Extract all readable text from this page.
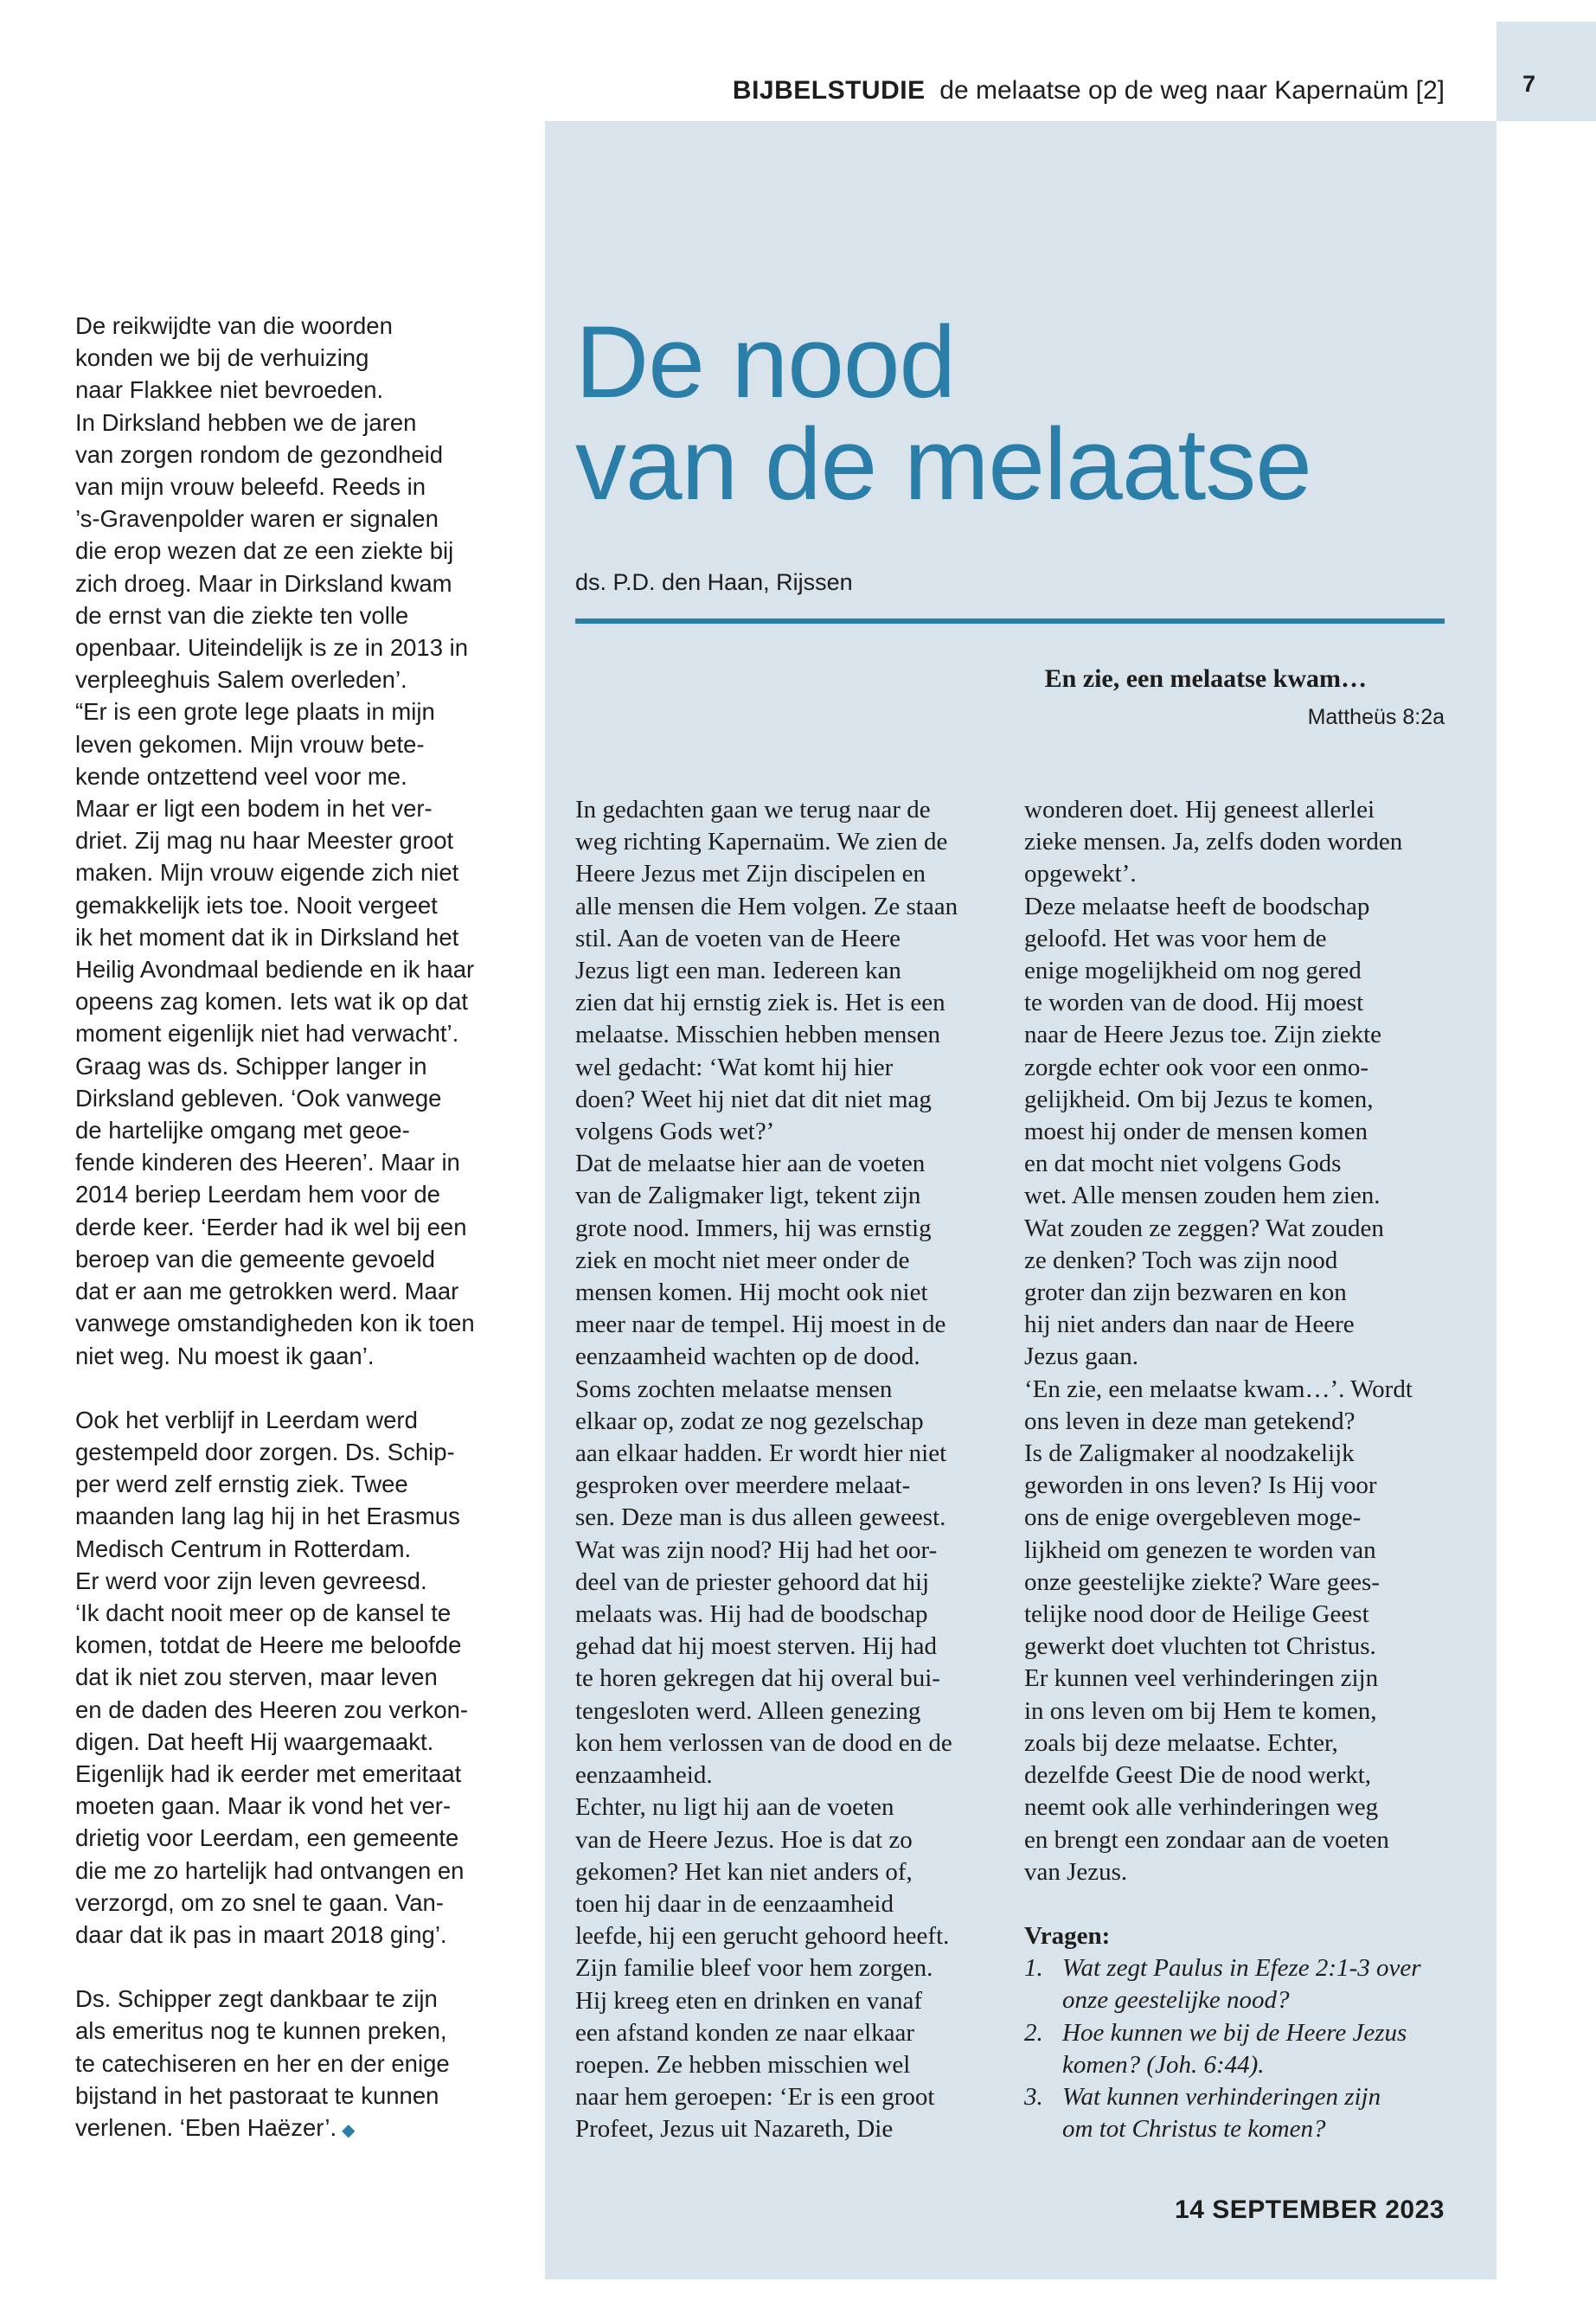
7
BIJBELSTUDIE de melaatse op de weg naar Kapernaüm [2]

De reikwijdte van die woorden
konden we bij de verhuizing
naar Flakkee niet bevroeden.
In Dirksland hebben we de jaren
van zorgen rondom de gezondheid
van mijn vrouw beleefd. Reeds in
’s-Gravenpolder waren er signalen
die erop wezen dat ze een ziekte bij
zich droeg. Maar in Dirksland kwam
de ernst van die ziekte ten volle
openbaar. Uiteindelijk is ze in 2013 in
verpleeghuis Salem overleden’.
“Er is een grote lege plaats in mijn
leven gekomen. Mijn vrouw bete-
kende ontzettend veel voor me.
Maar er ligt een bodem in het ver-
driet. Zij mag nu haar Meester groot
maken. Mijn vrouw eigende zich niet
gemakkelijk iets toe. Nooit vergeet
ik het moment dat ik in Dirksland het
Heilig Avondmaal bediende en ik haar
opeens zag komen. Iets wat ik op dat
moment eigenlijk niet had verwacht’.
Graag was ds. Schipper langer in
Dirksland gebleven. ‘Ook vanwege
de hartelijke omgang met geoe-
fende kinderen des Heeren’. Maar in
2014 beriep Leerdam hem voor de
derde keer. ‘Eerder had ik wel bij een
beroep van die gemeente gevoeld
dat er aan me getrokken werd. Maar
vanwege omstandigheden kon ik toen
niet weg. Nu moest ik gaan’.

Ook het verblijf in Leerdam werd
gestempeld door zorgen. Ds. Schip-
per werd zelf ernstig ziek. Twee
maanden lang lag hij in het Erasmus
Medisch Centrum in Rotterdam.
Er werd voor zijn leven gevreesd.
‘Ik dacht nooit meer op de kansel te
komen, totdat de Heere me beloofde
dat ik niet zou sterven, maar leven
en de daden des Heeren zou verkon-
digen. Dat heeft Hij waargemaakt.
Eigenlijk had ik eerder met emeritaat
moeten gaan. Maar ik vond het ver-
drietig voor Leerdam, een gemeente
die me zo hartelijk had ontvangen en
verzorgd, om zo snel te gaan. Van-
daar dat ik pas in maart 2018 ging’.

Ds. Schipper zegt dankbaar te zijn
als emeritus nog te kunnen preken,
te catechiseren en her en der enige
bijstand in het pastoraat te kunnen
verlenen. ‘Eben Haëzer’. ◆

De nood
van de melaatse
ds. P.D. den Haan, Rijssen
En zie, een melaatse kwam…
Mattheüs 8:2a
In gedachten gaan we terug naar de
weg richting Kapernaüm. We zien de
Heere Jezus met Zijn discipelen en
alle mensen die Hem volgen. Ze staan
stil. Aan de voeten van de Heere
Jezus ligt een man. Iedereen kan
zien dat hij ernstig ziek is. Het is een
melaatse. Misschien hebben mensen
wel gedacht: ‘Wat komt hij hier
doen? Weet hij niet dat dit niet mag
volgens Gods wet?’
Dat de melaatse hier aan de voeten
van de Zaligmaker ligt, tekent zijn
grote nood. Immers, hij was ernstig
ziek en mocht niet meer onder de
mensen komen. Hij mocht ook niet
meer naar de tempel. Hij moest in de
eenzaamheid wachten op de dood.
Soms zochten melaatse mensen
elkaar op, zodat ze nog gezelschap
aan elkaar hadden. Er wordt hier niet
gesproken over meerdere melaat-
sen. Deze man is dus alleen geweest.
Wat was zijn nood? Hij had het oor-
deel van de priester gehoord dat hij
melaats was. Hij had de boodschap
gehad dat hij moest sterven. Hij had
te horen gekregen dat hij overal bui-
tengesloten werd. Alleen genezing
kon hem verlossen van de dood en de
eenzaamheid.
Echter, nu ligt hij aan de voeten
van de Heere Jezus. Hoe is dat zo
gekomen? Het kan niet anders of,
toen hij daar in de eenzaamheid
leefde, hij een gerucht gehoord heeft.
Zijn familie bleef voor hem zorgen.
Hij kreeg eten en drinken en vanaf
een afstand konden ze naar elkaar
roepen. Ze hebben misschien wel
naar hem geroepen: ‘Er is een groot
Profeet, Jezus uit Nazareth, Die
wonderen doet. Hij geneest allerlei
zieke mensen. Ja, zelfs doden worden
opgewekt’.
Deze melaatse heeft de boodschap
geloofd. Het was voor hem de
enige mogelijkheid om nog gered
te worden van de dood. Hij moest
naar de Heere Jezus toe. Zijn ziekte
zorgde echter ook voor een onmo-
gelijkheid. Om bij Jezus te komen,
moest hij onder de mensen komen
en dat mocht niet volgens Gods
wet. Alle mensen zouden hem zien.
Wat zouden ze zeggen? Wat zouden
ze denken? Toch was zijn nood
groter dan zijn bezwaren en kon
hij niet anders dan naar de Heere
Jezus gaan.
‘En zie, een melaatse kwam…’. Wordt
ons leven in deze man getekend?
Is de Zaligmaker al noodzakelijk
geworden in ons leven? Is Hij voor
ons de enige overgebleven moge-
lijkheid om genezen te worden van
onze geestelijke ziekte? Ware gees-
telijke nood door de Heilige Geest
gewerkt doet vluchten tot Christus.
Er kunnen veel verhinderingen zijn
in ons leven om bij Hem te komen,
zoals bij deze melaatse. Echter,
dezelfde Geest Die de nood werkt,
neemt ook alle verhinderingen weg
en brengt een zondaar aan de voeten
van Jezus.
Vragen:
1. Wat zegt Paulus in Efeze 2:1-3 over
onze geestelijke nood?
2. Hoe kunnen we bij de Heere Jezus
komen? (Joh. 6:44).
3. Wat kunnen verhinderingen zijn
om tot Christus te komen?
14 SEPTEMBER 2023
